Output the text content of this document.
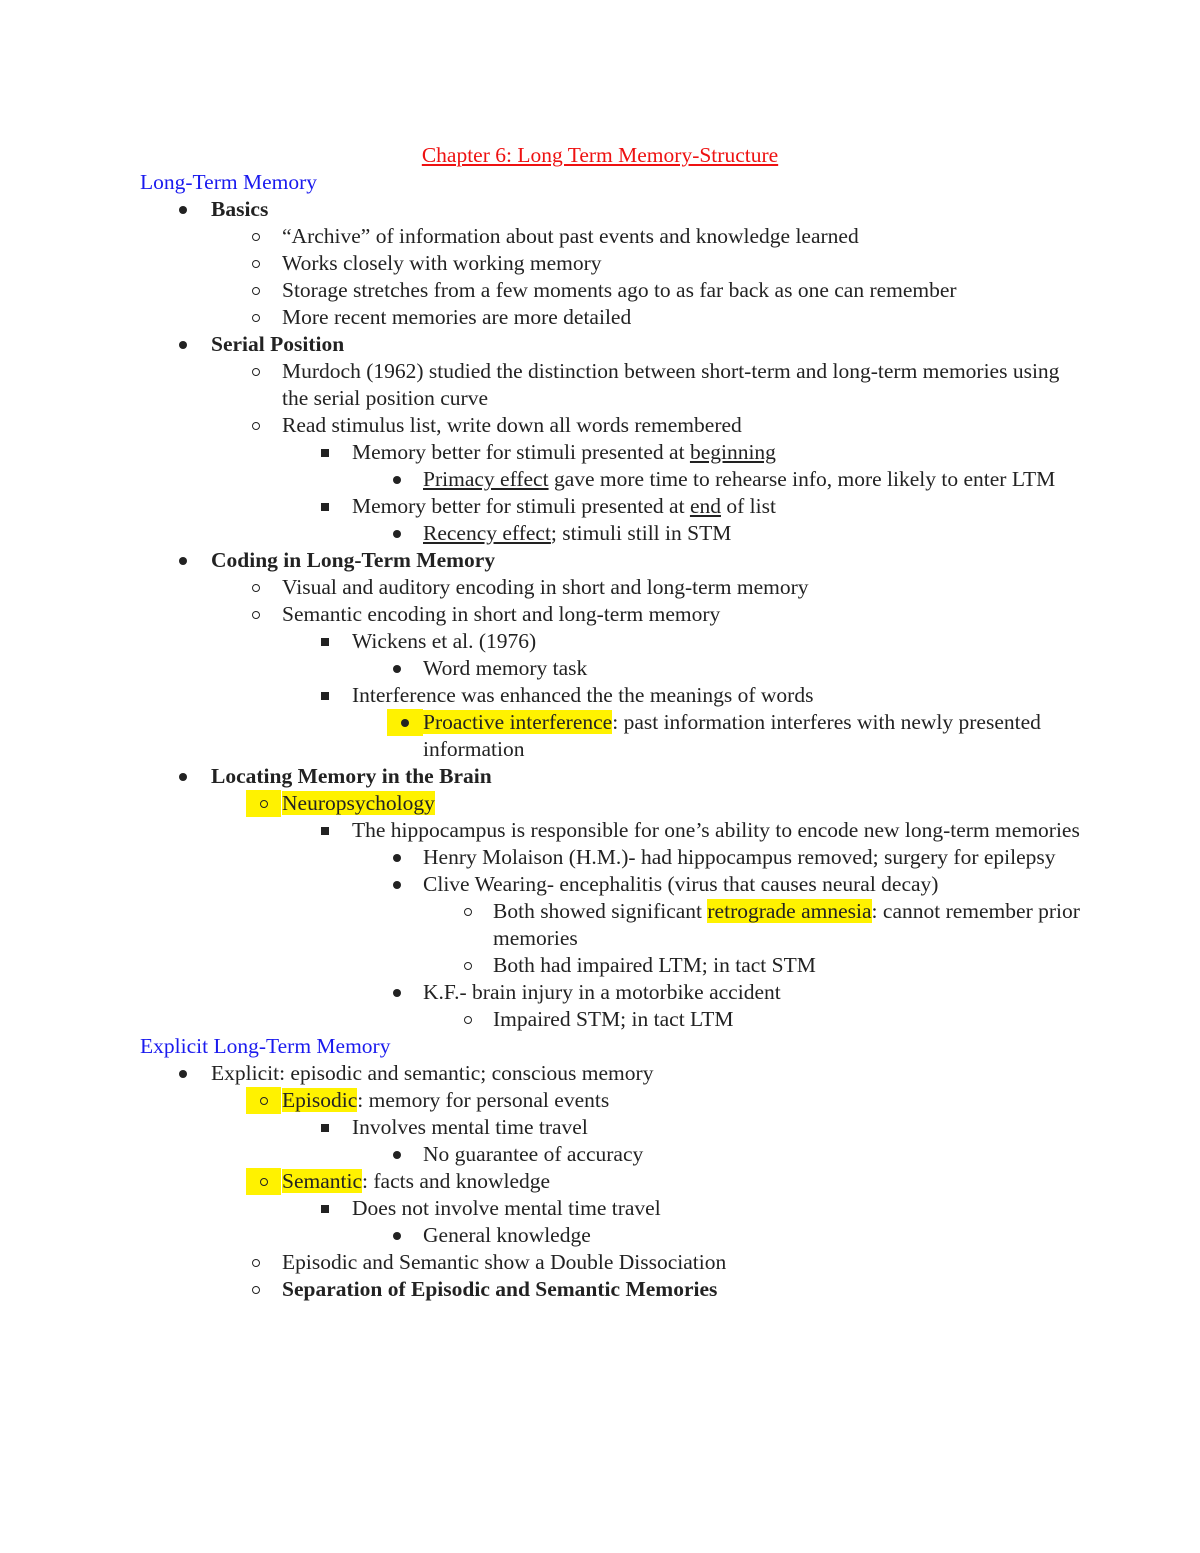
Chapter 6: Long Term Memory-Structure
Long-Term Memory
Basics
“Archive” of information about past events and knowledge learned
Works closely with working memory
Storage stretches from a few moments ago to as far back as one can remember
More recent memories are more detailed
Serial Position
Murdoch (1962) studied the distinction between short-term and long-term memories using the serial position curve
Read stimulus list, write down all words remembered
Memory better for stimuli presented at beginning
Primacy effect gave more time to rehearse info, more likely to enter LTM
Memory better for stimuli presented at end of list
Recency effect; stimuli still in STM
Coding in Long-Term Memory
Visual and auditory encoding in short and long-term memory
Semantic encoding in short and long-term memory
Wickens et al. (1976)
Word memory task
Interference was enhanced the the meanings of words
Proactive interference: past information interferes with newly presented information
Locating Memory in the Brain
Neuropsychology
The hippocampus is responsible for one’s ability to encode new long-term memories
Henry Molaison (H.M.)- had hippocampus removed; surgery for epilepsy
Clive Wearing- encephalitis (virus that causes neural decay)
Both showed significant retrograde amnesia: cannot remember prior memories
Both had impaired LTM; in tact STM
K.F.- brain injury in a motorbike accident
Impaired STM; in tact LTM
Explicit Long-Term Memory
Explicit: episodic and semantic; conscious memory
Episodic: memory for personal events
Involves mental time travel
No guarantee of accuracy
Semantic: facts and knowledge
Does not involve mental time travel
General knowledge
Episodic and Semantic show a Double Dissociation
Separation of Episodic and Semantic Memories
